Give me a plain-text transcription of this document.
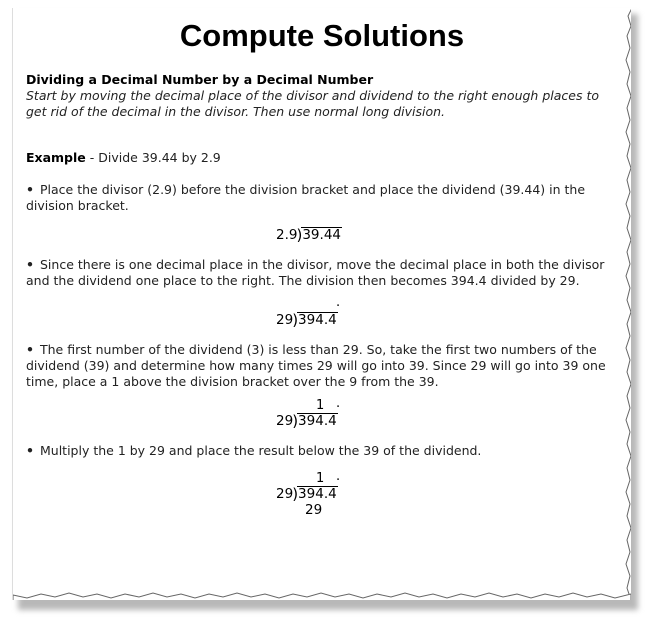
Compute Solutions

Dividing a Decimal Number by a Decimal Number

Start by moving the decimal place of the divisor and dividend to the right enough places to get rid of the decimal in the divisor. Then use normal long division.

Example - Divide 39.44 by 2.9

• Place the divisor (2.9) before the division bracket and place the dividend (39.44) in the division bracket.

2.9 ) 39.44

• Since there is one decimal place in the divisor, move the decimal place in both the divisor and the dividend one place to the right. The division then becomes 394.4 divided by 29.

.
29 ) 394.4

• The first number of the dividend (3) is less than 29. So, take the first two numbers of the dividend (39) and determine how many times 29 will go into 39. Since 29 will go into 39 one time, place a 1 above the division bracket over the 9 from the 39.

1 .
29 ) 394.4

• Multiply the 1 by 29 and place the result below the 39 of the dividend.

1 .
29 ) 394.4
29
